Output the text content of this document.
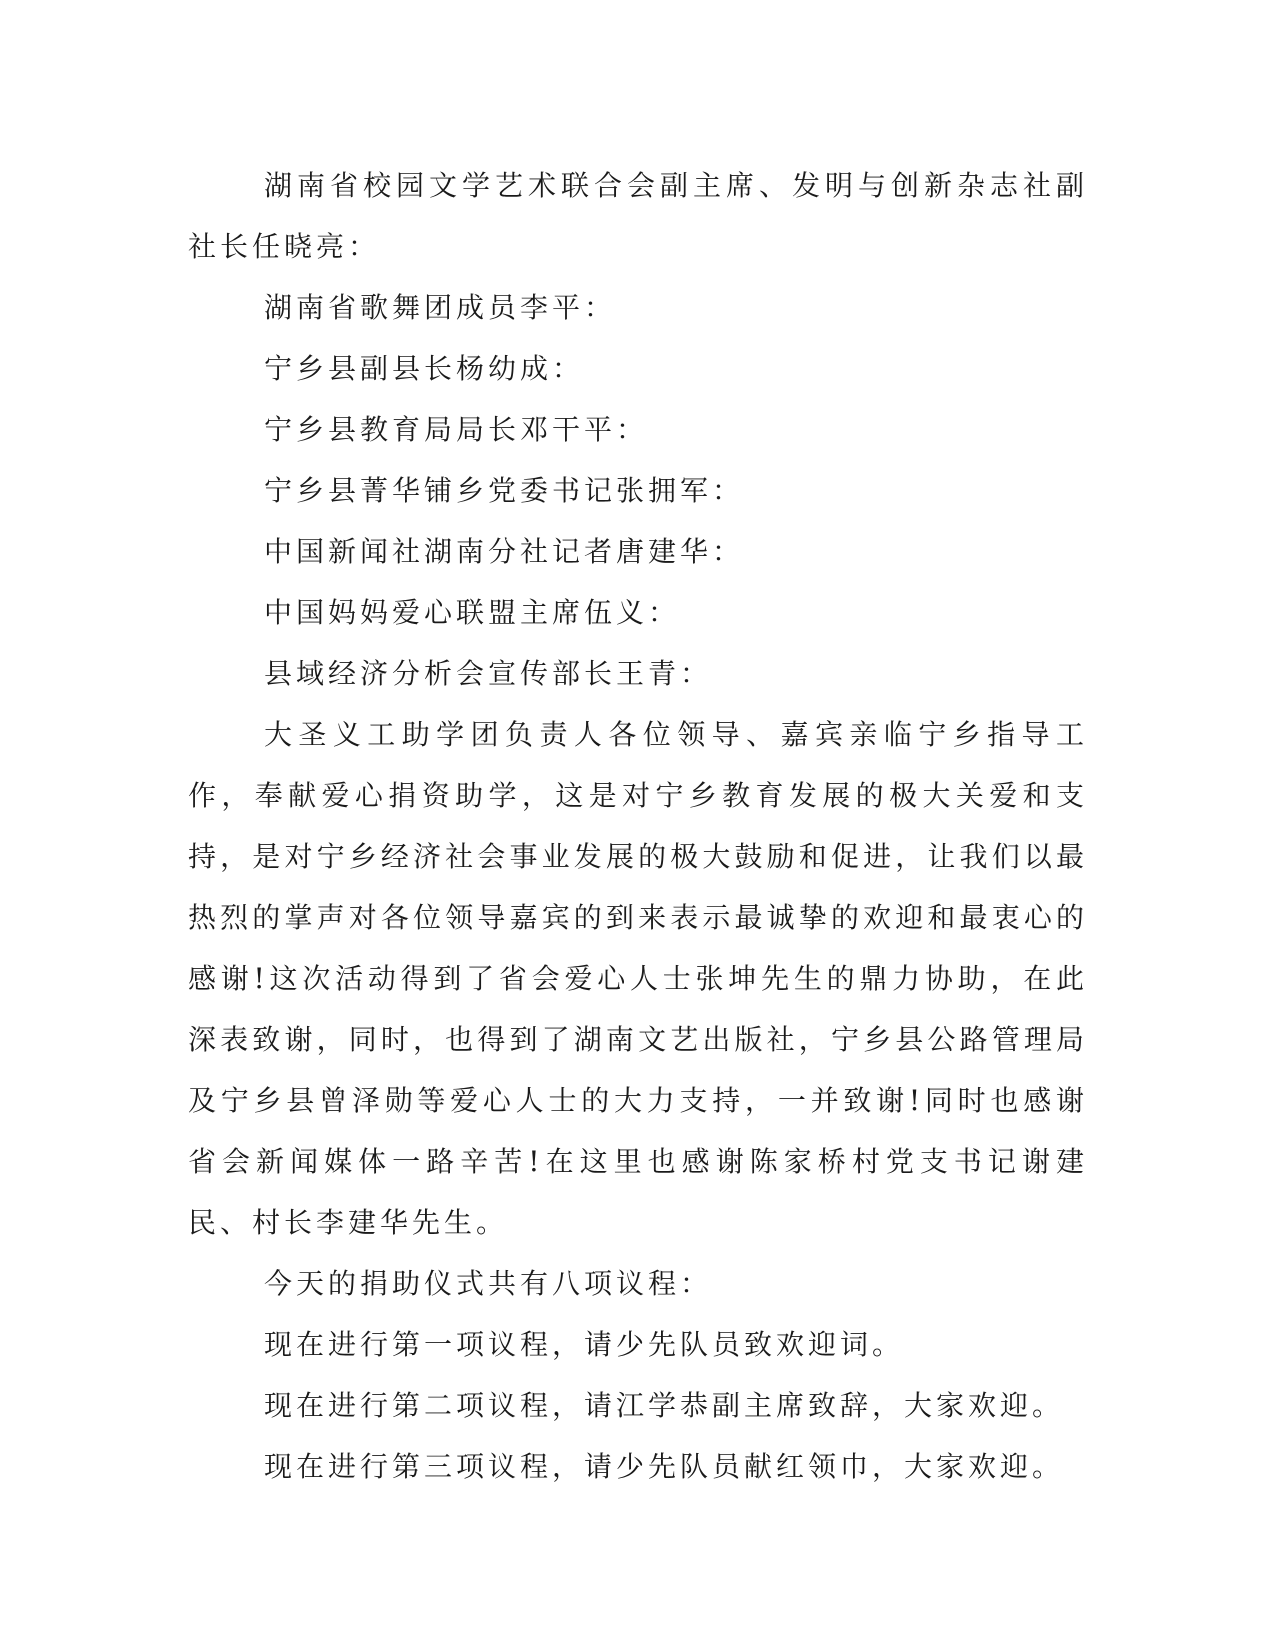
湖南省校园文学艺术联合会副主席、发明与创新杂志社副社长任晓亮：

湖南省歌舞团成员李平：

宁乡县副县长杨幼成：

宁乡县教育局局长邓干平：

宁乡县菁华铺乡党委书记张拥军：

中国新闻社湖南分社记者唐建华：

中国妈妈爱心联盟主席伍义：

县域经济分析会宣传部长王青：

大圣义工助学团负责人各位领导、嘉宾亲临宁乡指导工作，奉献爱心捐资助学，这是对宁乡教育发展的极大关爱和支持，是对宁乡经济社会事业发展的极大鼓励和促进，让我们以最热烈的掌声对各位领导嘉宾的到来表示最诚挚的欢迎和最衷心的感谢!这次活动得到了省会爱心人士张坤先生的鼎力协助，在此深表致谢，同时，也得到了湖南文艺出版社，宁乡县公路管理局及宁乡县曾泽勋等爱心人士的大力支持，一并致谢!同时也感谢省会新闻媒体一路辛苦!在这里也感谢陈家桥村党支书记谢建民、村长李建华先生。

今天的捐助仪式共有八项议程：

现在进行第一项议程，请少先队员致欢迎词。

现在进行第二项议程，请江学恭副主席致辞，大家欢迎。

现在进行第三项议程，请少先队员献红领巾，大家欢迎。
